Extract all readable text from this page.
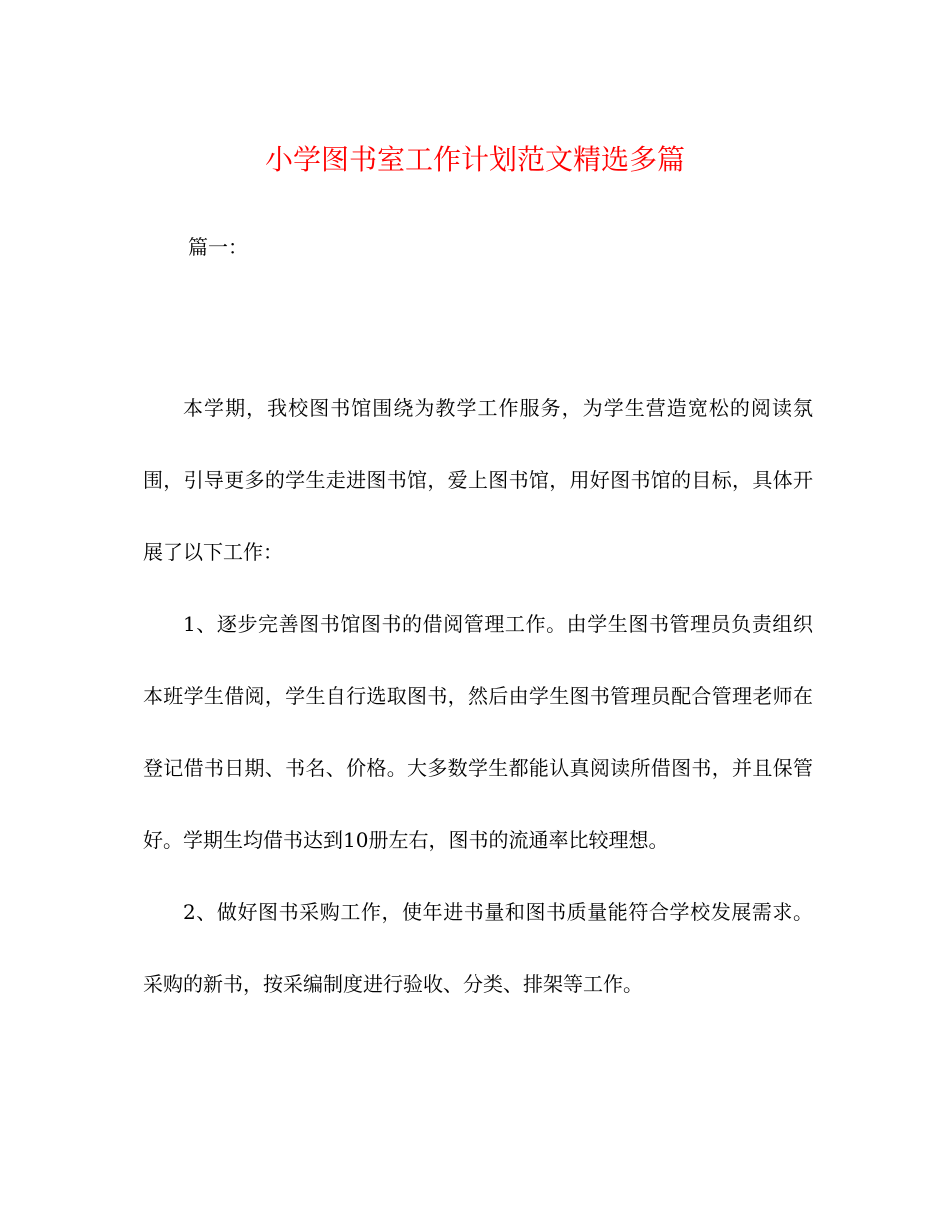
小学图书室工作计划范文精选多篇
篇一：

本学期，我校图书馆围绕为教学工作服务，为学生营造宽松的阅读氛围，引导更多的学生走进图书馆，爱上图书馆，用好图书馆的目标，具体开展了以下工作：

1、逐步完善图书馆图书的借阅管理工作。由学生图书管理员负责组织本班学生借阅，学生自行选取图书，然后由学生图书管理员配合管理老师在登记借书日期、书名、价格。大多数学生都能认真阅读所借图书，并且保管好。学期生均借书达到10册左右，图书的流通率比较理想。

2、做好图书采购工作，使年进书量和图书质量能符合学校发展需求。采购的新书，按采编制度进行验收、分类、排架等工作。
